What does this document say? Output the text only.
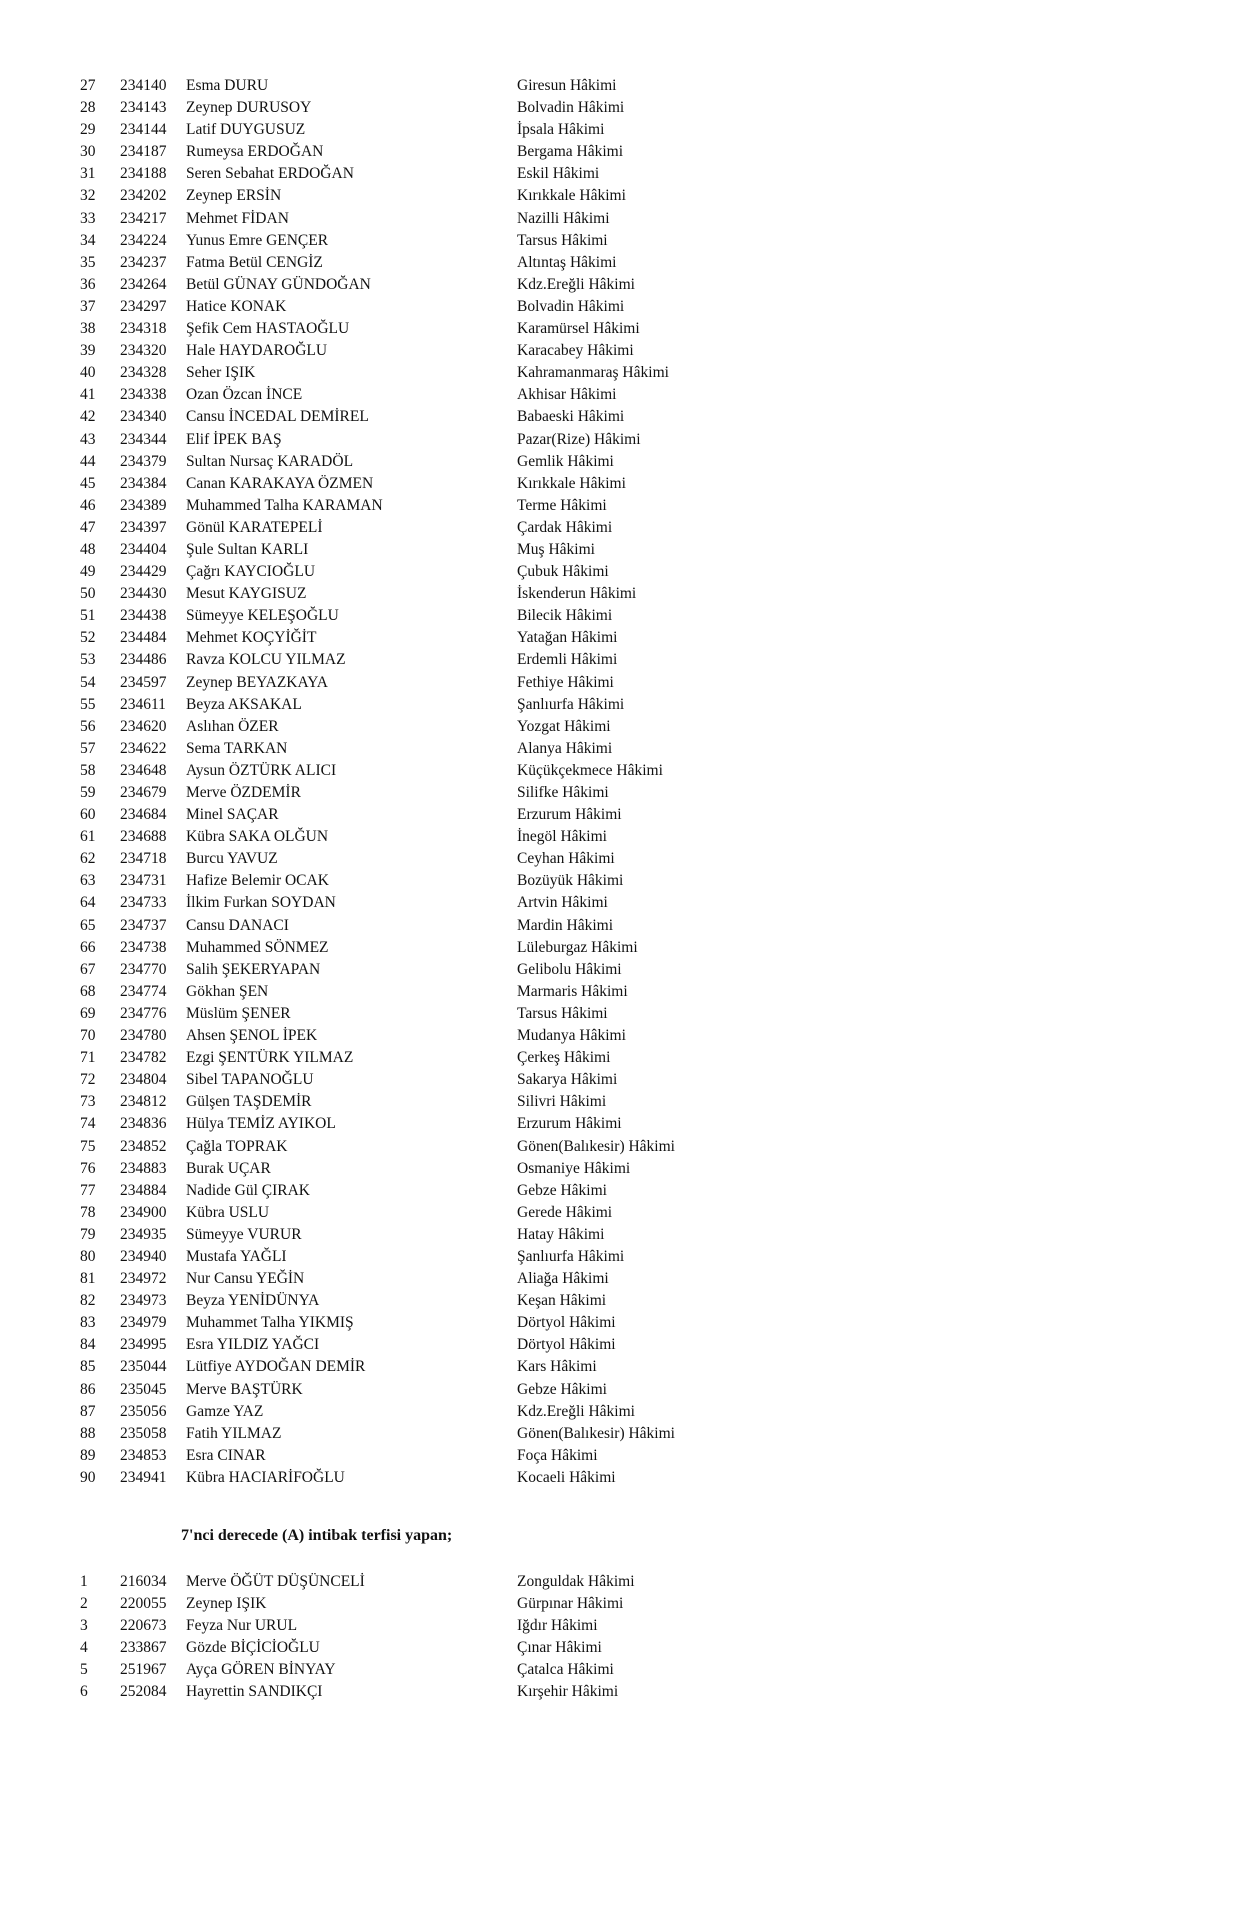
27	234140	Esma DURU	Giresun Hâkimi
28	234143	Zeynep DURUSOY	Bolvadin Hâkimi
29	234144	Latif DUYGUSUZ	İpsala Hâkimi
30	234187	Rumeysa ERDOĞAN	Bergama Hâkimi
31	234188	Seren Sebahat ERDOĞAN	Eskil Hâkimi
32	234202	Zeynep ERSİN	Kırıkkale Hâkimi
33	234217	Mehmet FİDAN	Nazilli Hâkimi
34	234224	Yunus Emre GENÇER	Tarsus Hâkimi
35	234237	Fatma Betül CENGİZ	Altıntaş Hâkimi
36	234264	Betül GÜNAY GÜNDOĞAN	Kdz.Ereğli Hâkimi
37	234297	Hatice KONAK	Bolvadin Hâkimi
38	234318	Şefik Cem HASTAOĞLU	Karamürsel Hâkimi
39	234320	Hale HAYDAROĞLU	Karacabey Hâkimi
40	234328	Seher IŞIK	Kahramanmaraş Hâkimi
41	234338	Ozan Özcan İNCE	Akhisar Hâkimi
42	234340	Cansu İNCEDAL DEMİREL	Babaeski Hâkimi
43	234344	Elif İPEK BAŞ	Pazar(Rize) Hâkimi
44	234379	Sultan Nursaç KARADÖL	Gemlik Hâkimi
45	234384	Canan KARAKAYA ÖZMEN	Kırıkkale Hâkimi
46	234389	Muhammed Talha KARAMAN	Terme Hâkimi
47	234397	Gönül KARATEPELİ	Çardak Hâkimi
48	234404	Şule Sultan KARLI	Muş Hâkimi
49	234429	Çağrı KAYCIOĞLU	Çubuk Hâkimi
50	234430	Mesut KAYGISUZ	İskenderun Hâkimi
51	234438	Sümeyye KELEŞOĞLU	Bilecik Hâkimi
52	234484	Mehmet KOÇYİĞİT	Yatağan Hâkimi
53	234486	Ravza KOLCU YILMAZ	Erdemli Hâkimi
54	234597	Zeynep BEYAZKAYA	Fethiye Hâkimi
55	234611	Beyza AKSAKAL	Şanlıurfa Hâkimi
56	234620	Aslıhan ÖZER	Yozgat Hâkimi
57	234622	Sema TARKAN	Alanya Hâkimi
58	234648	Aysun ÖZTÜRK ALICI	Küçükçekmece Hâkimi
59	234679	Merve ÖZDEMİR	Silifke Hâkimi
60	234684	Minel SAÇAR	Erzurum Hâkimi
61	234688	Kübra SAKA OLĞUN	İnegöl Hâkimi
62	234718	Burcu YAVUZ	Ceyhan Hâkimi
63	234731	Hafize Belemir OCAK	Bozüyük Hâkimi
64	234733	İlkim Furkan SOYDAN	Artvin Hâkimi
65	234737	Cansu DANACI	Mardin Hâkimi
66	234738	Muhammed SÖNMEZ	Lüleburgaz Hâkimi
67	234770	Salih ŞEKERYAPAN	Gelibolu Hâkimi
68	234774	Gökhan ŞEN	Marmaris Hâkimi
69	234776	Müslüm ŞENER	Tarsus Hâkimi
70	234780	Ahsen ŞENOL İPEK	Mudanya Hâkimi
71	234782	Ezgi ŞENTÜRK YILMAZ	Çerkeş Hâkimi
72	234804	Sibel TAPANOĞLU	Sakarya Hâkimi
73	234812	Gülşen TAŞDEMİR	Silivri Hâkimi
74	234836	Hülya TEMİZ AYIKOL	Erzurum Hâkimi
75	234852	Çağla TOPRAK	Gönen(Balıkesir) Hâkimi
76	234883	Burak UÇAR	Osmaniye Hâkimi
77	234884	Nadide Gül ÇIRAK	Gebze Hâkimi
78	234900	Kübra USLU	Gerede Hâkimi
79	234935	Sümeyye VURUR	Hatay Hâkimi
80	234940	Mustafa YAĞLI	Şanlıurfa Hâkimi
81	234972	Nur Cansu YEĞİN	Aliağa Hâkimi
82	234973	Beyza YENİDÜNYA	Keşan Hâkimi
83	234979	Muhammet Talha YIKMIŞ	Dörtyol Hâkimi
84	234995	Esra YILDIZ YAĞCI	Dörtyol Hâkimi
85	235044	Lütfiye AYDOĞAN DEMİR	Kars Hâkimi
86	235045	Merve BAŞTÜRK	Gebze Hâkimi
87	235056	Gamze YAZ	Kdz.Ereğli Hâkimi
88	235058	Fatih YILMAZ	Gönen(Balıkesir) Hâkimi
89	234853	Esra CINAR	Foça Hâkimi
90	234941	Kübra HACIARİFOĞLU	Kocaeli Hâkimi
7'nci derecede (A) intibak terfisi yapan;
1	216034	Merve ÖĞÜT DÜŞÜNCELİ	Zonguldak Hâkimi
2	220055	Zeynep IŞIK	Gürpınar Hâkimi
3	220673	Feyza Nur URUL	Iğdır Hâkimi
4	233867	Gözde BİÇİCİOĞLU	Çınar Hâkimi
5	251967	Ayça GÖREN BİNYAY	Çatalca Hâkimi
6	252084	Hayrettin SANDIKÇI	Kırşehir Hâkimi
